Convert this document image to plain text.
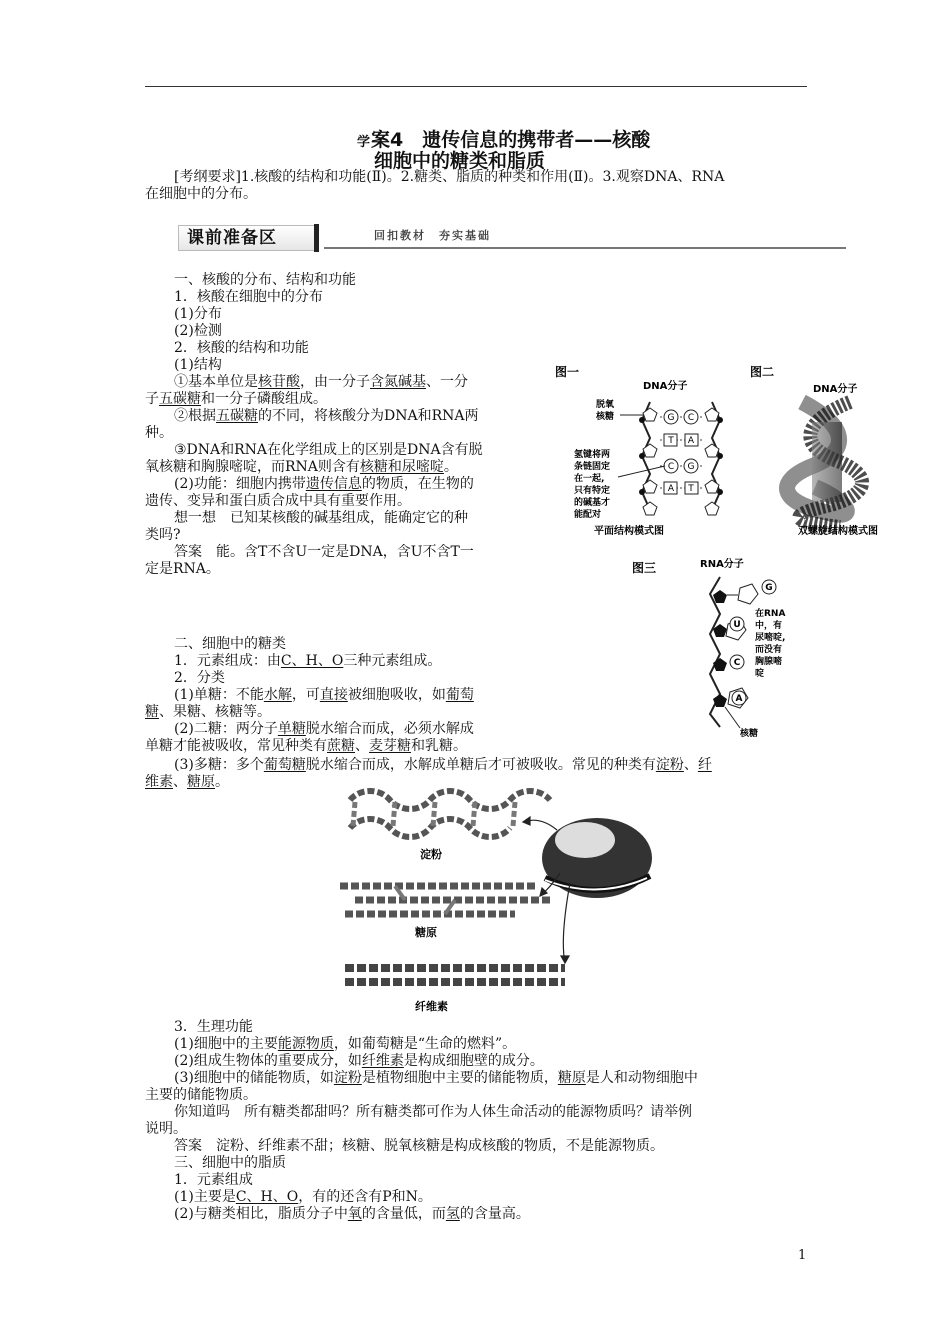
学案4　遗传信息的携带者——核酸
细胞中的糖类和脂质
[考纲要求]1.核酸的结构和功能(Ⅱ)。2.糖类、脂质的种类和作用(Ⅱ)。3.观察DNA、RNA
在细胞中的分布。
课前准备区	回扣教材　夯实基础
一、核酸的分布、结构和功能
1．核酸在细胞中的分布
(1)分布
(2)检测
2．核酸的结构和功能
(1)结构
①基本单位是核苷酸，由一分子含氮碱基、一分
子五碳糖和一分子磷酸组成。
②根据五碳糖的不同，将核酸分为DNA和RNA两
种。
③DNA和RNA在化学组成上的区别是DNA含有脱
氧核糖和胸腺嘧啶，而RNA则含有核糖和尿嘧啶。
(2)功能：细胞内携带遗传信息的物质，在生物的
遗传、变异和蛋白质合成中具有重要作用。
想一想　已知某核酸的碱基组成，能确定它的种
类吗?
答案　能。含T不含U一定是DNA，含U不含T一
定是RNA。
图一	图二
DNA分子	DNA分子
G C
T A
C G
A T
脱氧
核糖
氢键将两
条链固定
在一起,
只有特定
的碱基才
能配对
平面结构模式图	双螺旋结构模式图
图三	RNA分子
G
U
C
A
在RNA
中，有
尿嘧啶,
而没有
胸腺嘧
啶
核糖
二、细胞中的糖类
1．元素组成：由C、H、O三种元素组成。
2．分类
(1)单糖：不能水解，可直接被细胞吸收，如葡萄
糖、果糖、核糖等。
(2)二糖：两分子单糖脱水缩合而成，必须水解成
单糖才能被吸收，常见种类有蔗糖、麦芽糖和乳糖。
(3)多糖：多个葡萄糖脱水缩合而成，水解成单糖后才可被吸收。常见的种类有淀粉、纤
维素、糖原。
淀粉
糖原
纤维素
3．生理功能
(1)细胞中的主要能源物质，如葡萄糖是“生命的燃料”。
(2)组成生物体的重要成分，如纤维素是构成细胞壁的成分。
(3)细胞中的储能物质，如淀粉是植物细胞中主要的储能物质，糖原是人和动物细胞中
主要的储能物质。
你知道吗　所有糖类都甜吗？所有糖类都可作为人体生命活动的能源物质吗？请举例
说明。
答案　淀粉、纤维素不甜；核糖、脱氧核糖是构成核酸的物质，不是能源物质。
三、细胞中的脂质
1．元素组成
(1)主要是C、H、O，有的还含有P和N。
(2)与糖类相比，脂质分子中氧的含量低，而氢的含量高。
1
